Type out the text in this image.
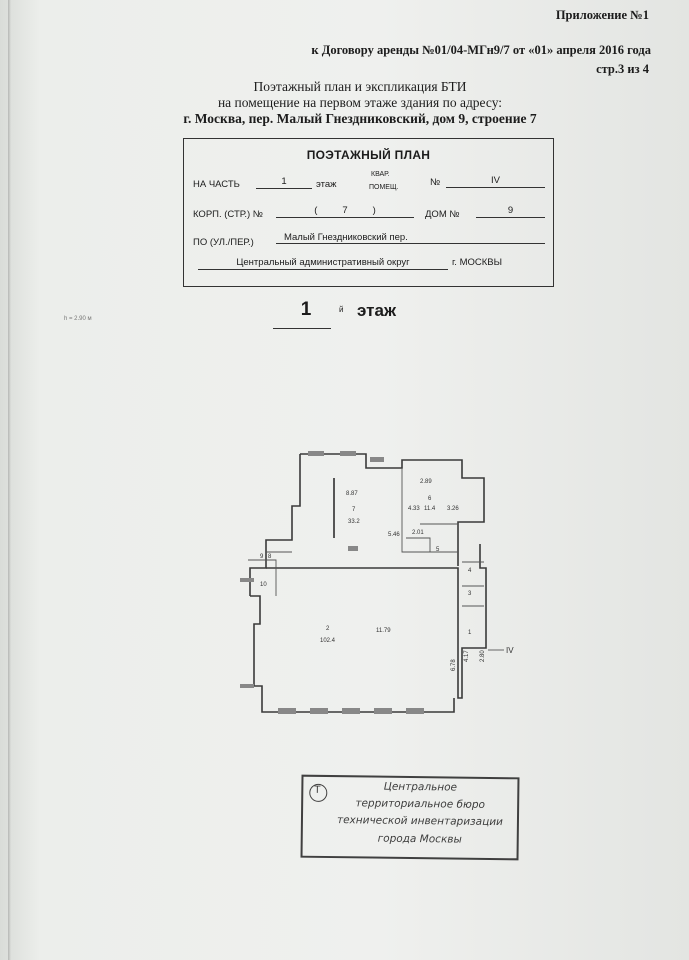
Приложение №1
к Договору аренды №01/04-МГн9/7 от «01» апреля 2016 года
стр.3 из 4
Поэтажный план и экспликация БТИ
на помещение на первом этаже здания по адресу:
г. Москва, пер. Малый Гнездниковский, дом 9, строение 7
ПОЭТАЖНЫЙ ПЛАН
НА ЧАСТЬ	1	этаж
КВАР.
ПОМЕЩ.	№	IV
КОРП. (СТР.) №	(	7	)	ДОМ №	9
ПО (УЛ./ПЕР.)	Малый Гнездниковский пер.
Центральный административный округ	г. МОСКВЫ
h = 2.90 м	1	й этаж
8.87
7
33.2
5.46
2.89
4.33	3.26
6
11.4
2.01
5
4
3
2
102.4
11.79
6.78
1
4.17 2.80
8
9
10
IV
Т	Центральное
территориальное бюро
технической инвентаризации
города Москвы
